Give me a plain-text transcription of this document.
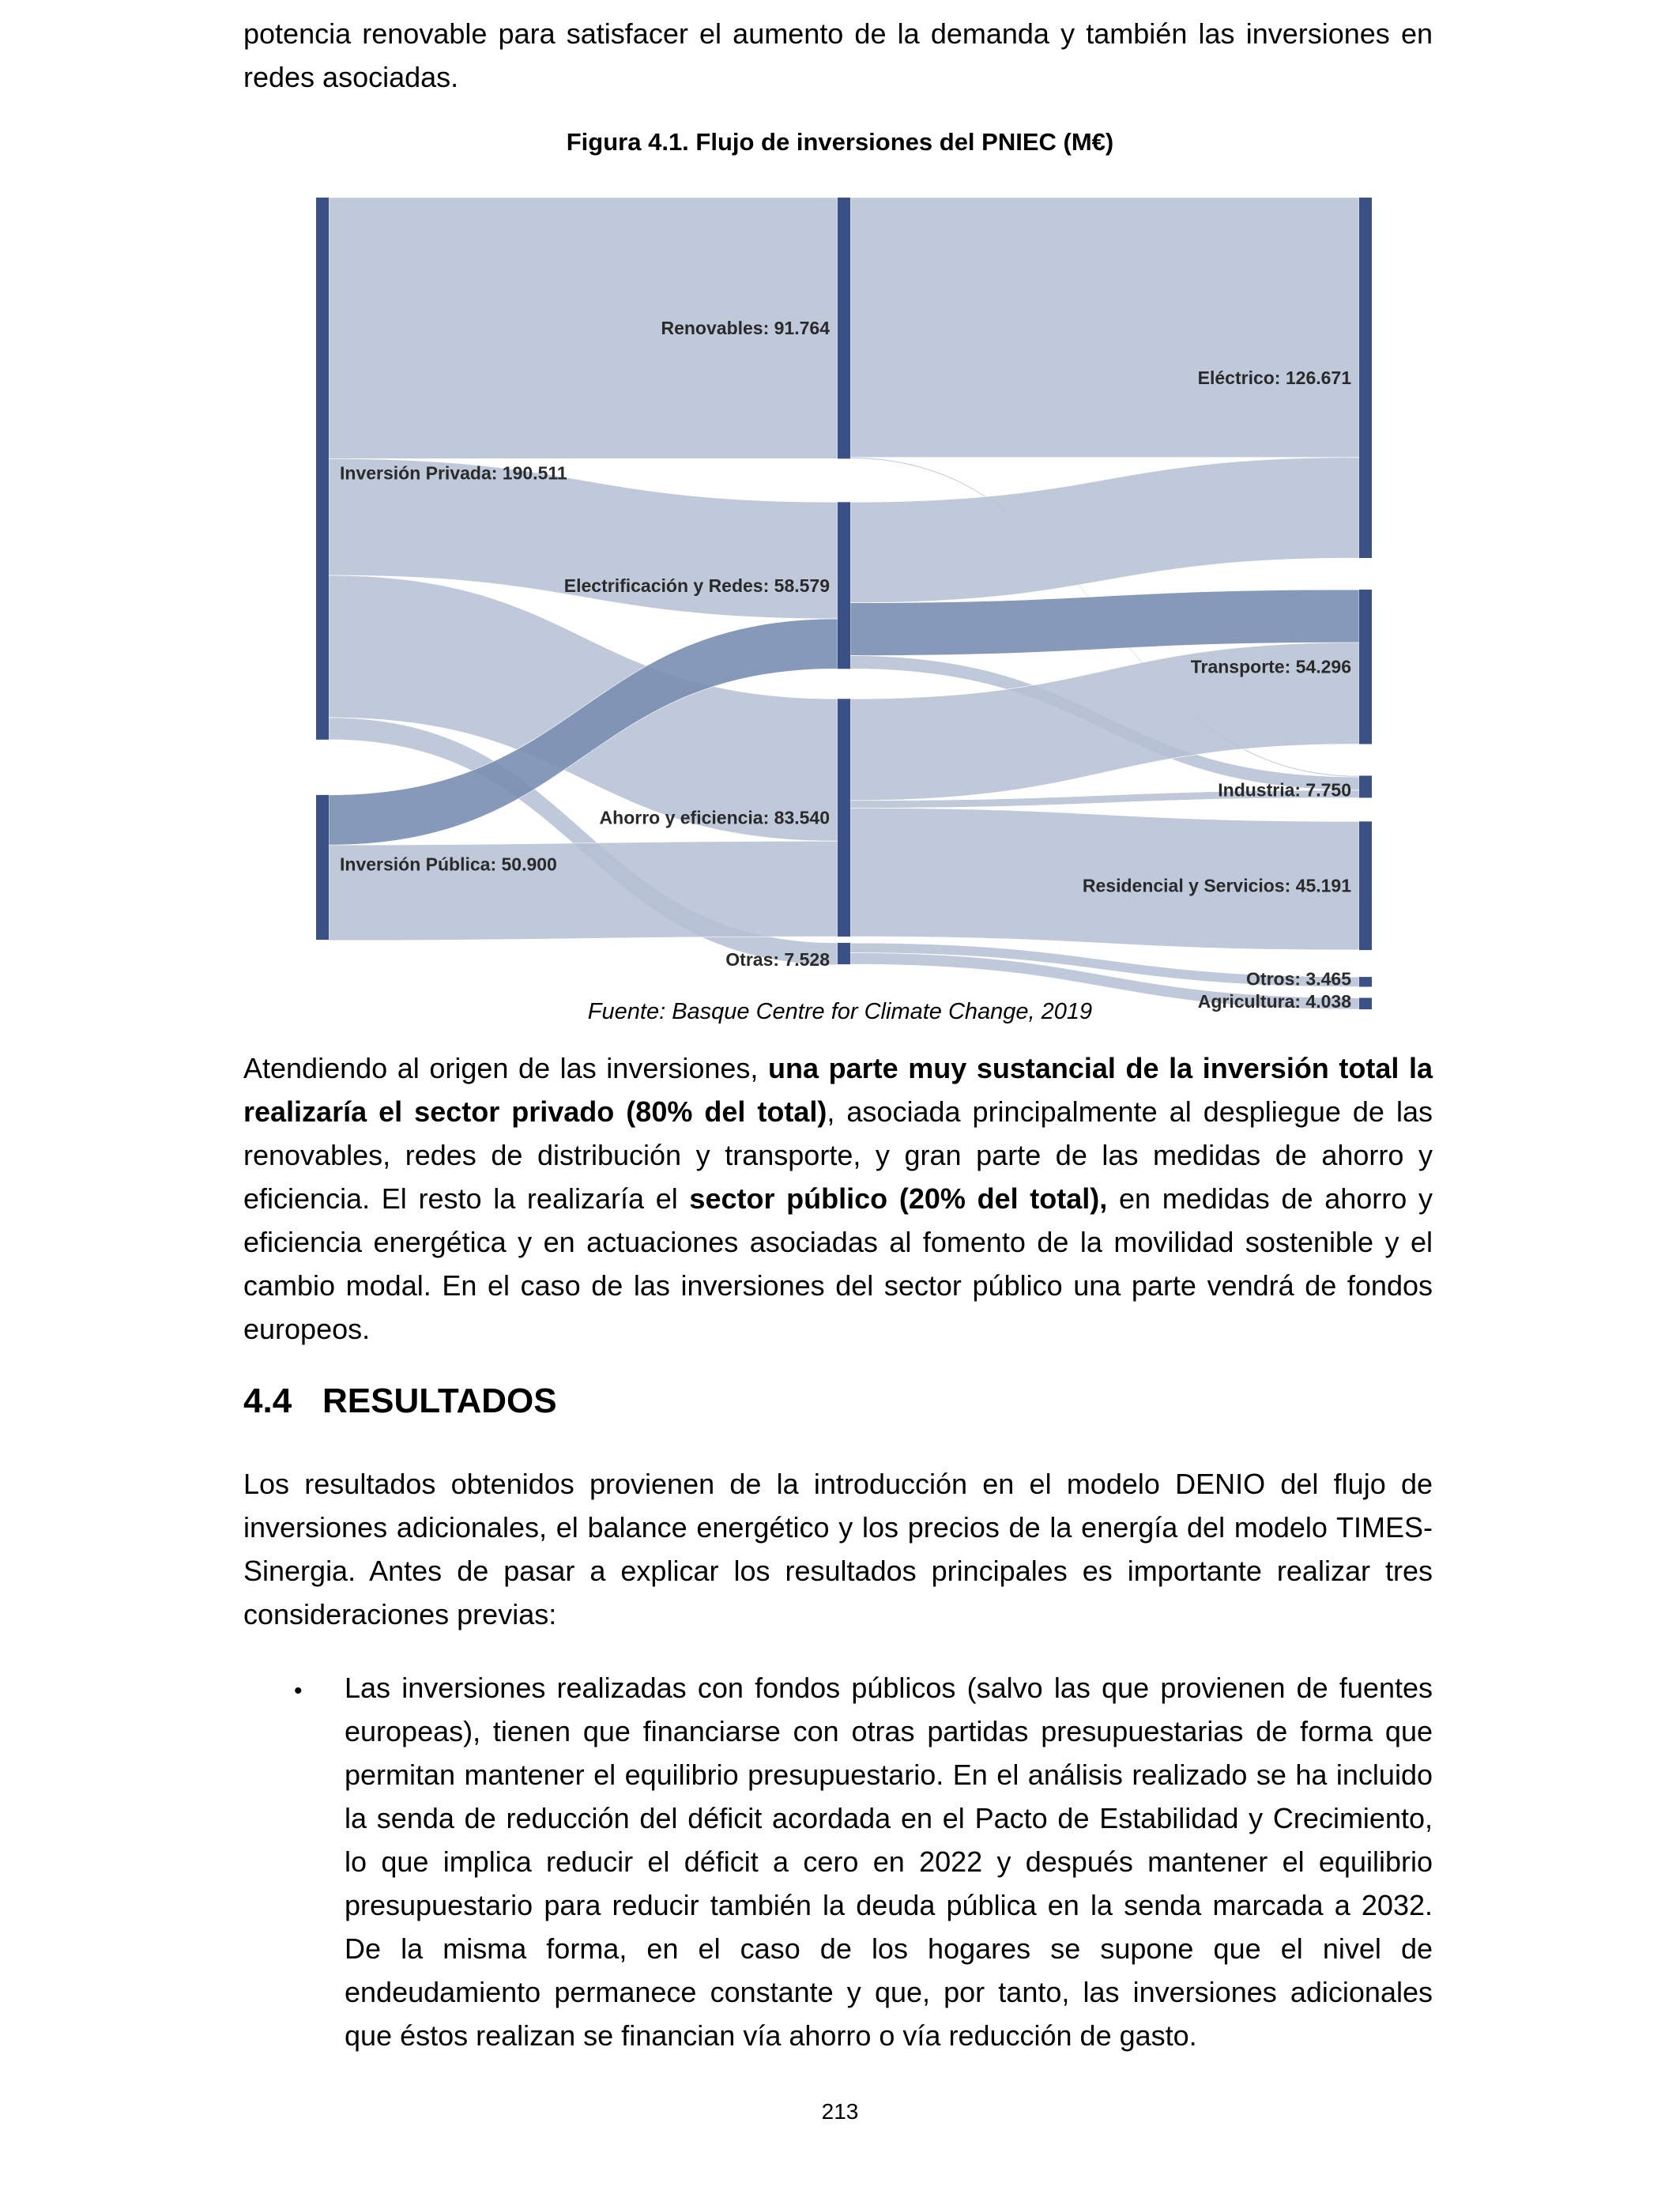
potencia renovable para satisfacer el aumento de la demanda y también las inversiones en redes asociadas.

Figura 4.1. Flujo de inversiones del PNIEC (M€)

Inversión Privada: 190.511
Inversión Pública: 50.900
Renovables: 91.764
Electrificación y Redes: 58.579
Ahorro y eficiencia: 83.540
Otras: 7.528
Eléctrico: 126.671
Transporte: 54.296
Industria: 7.750
Residencial y Servicios: 45.191
Otros: 3.465
Agricultura: 4.038

Fuente: Basque Centre for Climate Change, 2019

Atendiendo al origen de las inversiones, una parte muy sustancial de la inversión total la realizaría el sector privado (80% del total), asociada principalmente al despliegue de las renovables, redes de distribución y transporte, y gran parte de las medidas de ahorro y eficiencia. El resto la realizaría el sector público (20% del total), en medidas de ahorro y eficiencia energética y en actuaciones asociadas al fomento de la movilidad sostenible y el cambio modal. En el caso de las inversiones del sector público una parte vendrá de fondos europeos.

4.4 RESULTADOS

Los resultados obtenidos provienen de la introducción en el modelo DENIO del flujo de inversiones adicionales, el balance energético y los precios de la energía del modelo TIMES-Sinergia. Antes de pasar a explicar los resultados principales es importante realizar tres consideraciones previas:

• Las inversiones realizadas con fondos públicos (salvo las que provienen de fuentes europeas), tienen que financiarse con otras partidas presupuestarias de forma que permitan mantener el equilibrio presupuestario. En el análisis realizado se ha incluido la senda de reducción del déficit acordada en el Pacto de Estabilidad y Crecimiento, lo que implica reducir el déficit a cero en 2022 y después mantener el equilibrio presupuestario para reducir también la deuda pública en la senda marcada a 2032. De la misma forma, en el caso de los hogares se supone que el nivel de endeudamiento permanece constante y que, por tanto, las inversiones adicionales que éstos realizan se financian vía ahorro o vía reducción de gasto.

213
